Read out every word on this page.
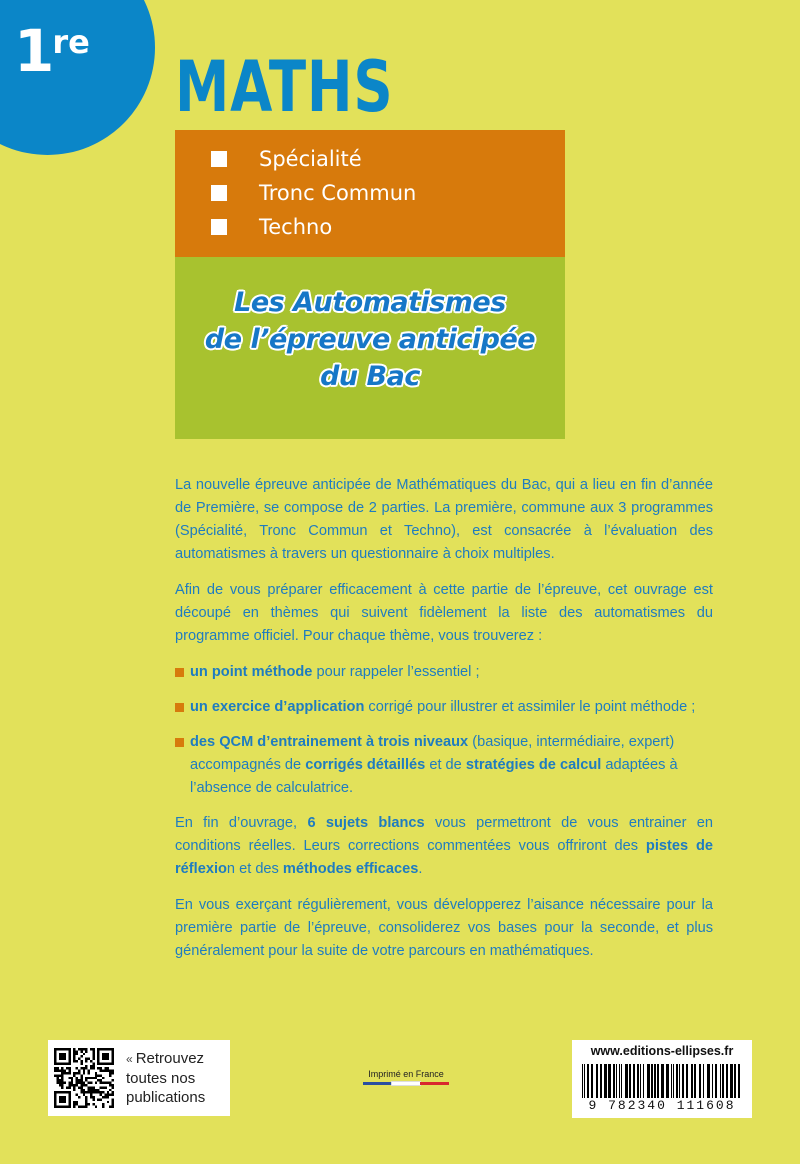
1re
MATHS
Spécialité
Tronc Commun
Techno
Les Automatismes
de l’épreuve anticipée
du Bac

La nouvelle épreuve anticipée de Mathématiques du Bac, qui a lieu en fin d’année de Première, se compose de 2 parties. La première, commune aux 3 programmes (Spécialité, Tronc Commun et Techno), est consacrée à l’évaluation des automatismes à travers un questionnaire à choix multiples.

Afin de vous préparer efficacement à cette partie de l’épreuve, cet ouvrage est découpé en thèmes qui suivent fidèlement la liste des automatismes du programme officiel. Pour chaque thème, vous trouverez :

un point méthode pour rappeler l’essentiel ;
un exercice d’application corrigé pour illustrer et assimiler le point méthode ;
des QCM d’entrainement à trois niveaux (basique, intermédiaire, expert) accompagnés de corrigés détaillés et de stratégies de calcul adaptées à l’absence de calculatrice.

En fin d’ouvrage, 6 sujets blancs vous permettront de vous entrainer en conditions réelles. Leurs corrections commentées vous offriront des pistes de réflexion et des méthodes efficaces.

En vous exerçant régulièrement, vous développerez l’aisance nécessaire pour la première partie de l’épreuve, consoliderez vos bases pour la seconde, et plus généralement pour la suite de votre parcours en mathématiques.

« Retrouvez
toutes nos
publications
Imprimé en France
www.editions-ellipses.fr
9 782340 111608
